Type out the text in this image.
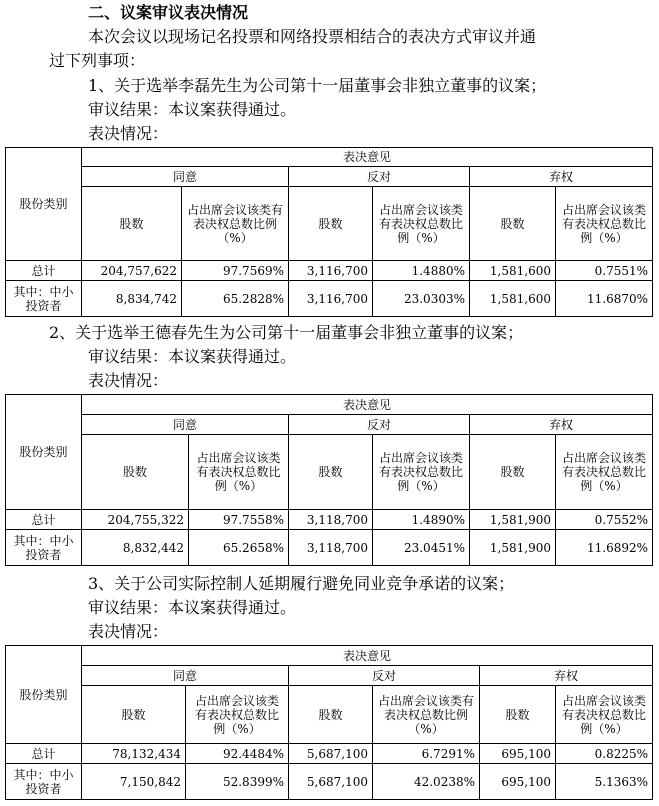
二、议案审议表决情况
本次会议以现场记名投票和网络投票相结合的表决方式审议并通
过下列事项：
1、关于选举李磊先生为公司第十一届董事会非独立董事的议案；
审议结果：本议案获得通过。
表决情况：
股份类别	表决意见					
	同意		反对		弃权	
	股数	占出席会议该类有表决权总数比例（%）	股数	占出席会议该类有表决权总数比例（%）	股数	占出席会议该类有表决权总数比例（%）
总计	204,757,622	97.7569%	3,116,700	1.4880%	1,581,600	0.7551%
其中：中小投资者	8,834,742	65.2828%	3,116,700	23.0303%	1,581,600	11.6870%
2、关于选举王德春先生为公司第十一届董事会非独立董事的议案；
审议结果：本议案获得通过。
表决情况：
股份类别	表决意见					
	同意		反对		弃权	
	股数	占出席会议该类有表决权总数比例（%）	股数	占出席会议该类有表决权总数比例（%）	股数	占出席会议该类有表决权总数比例（%）
总计	204,755,322	97.7558%	3,118,700	1.4890%	1,581,900	0.7552%
其中：中小投资者	8,832,442	65.2658%	3,118,700	23.0451%	1,581,900	11.6892%
3、关于公司实际控制人延期履行避免同业竞争承诺的议案；
审议结果：本议案获得通过。
表决情况：
股份类别	表决意见					
	同意		反对		弃权	
	股数	占出席会议该类有表决权总数比例（%）	股数	占出席会议该类有表决权总数比例（%）	股数	占出席会议该类有表决权总数比例（%）
总计	78,132,434	92.4484%	5,687,100	6.7291%	695,100	0.8225%
其中：中小投资者	7,150,842	52.8399%	5,687,100	42.0238%	695,100	5.1363%
